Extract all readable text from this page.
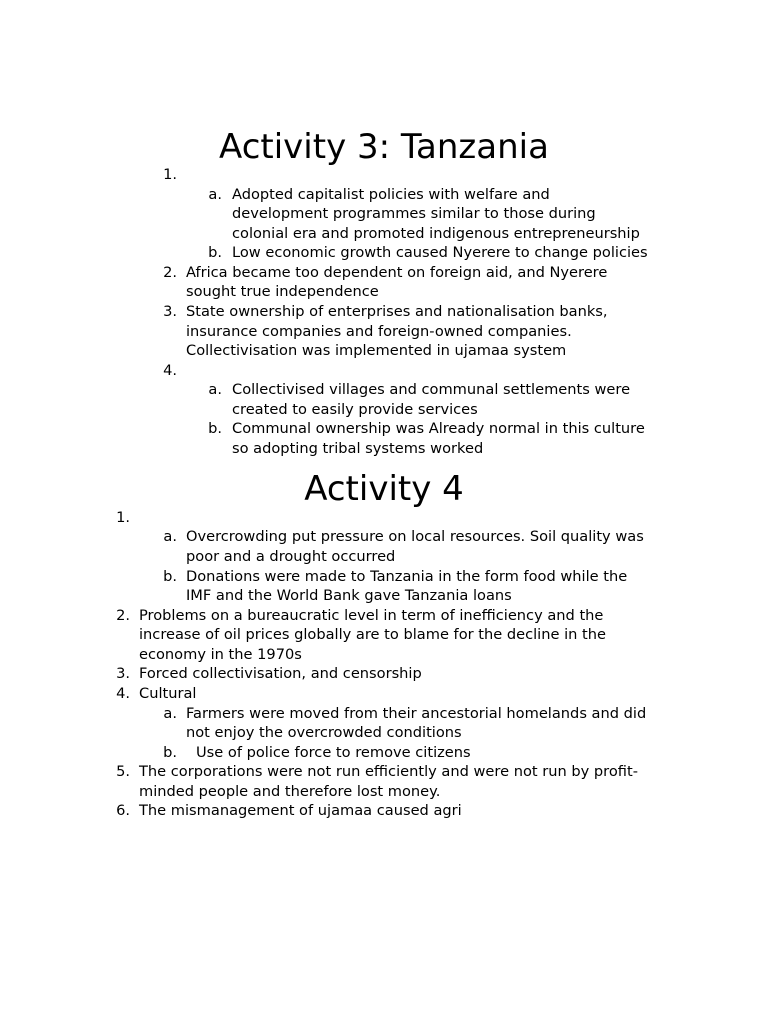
Activity 3: Tanzania
1.
a. Adopted capitalist policies with welfare and
development programmes similar to those during
colonial era and promoted indigenous entrepreneurship
b. Low economic growth caused Nyerere to change policies
2. Africa became too dependent on foreign aid, and Nyerere
sought true independence
3. State ownership of enterprises and nationalisation banks,
insurance companies and foreign-owned companies.
Collectivisation was implemented in ujamaa system
4.
a. Collectivised villages and communal settlements were
created to easily provide services
b. Communal ownership was Already normal in this culture
so adopting tribal systems worked
Activity 4
1.
a. Overcrowding put pressure on local resources. Soil quality was
poor and a drought occurred
b. Donations were made to Tanzania in the form food while the
IMF and the World Bank gave Tanzania loans
2. Problems on a bureaucratic level in term of inefficiency and the
increase of oil prices globally are to blame for the decline in the
economy in the 1970s
3. Forced collectivisation, and censorship
4. Cultural
a. Farmers were moved from their ancestorial homelands and did
not enjoy the overcrowded conditions
b. Use of police force to remove citizens
5. The corporations were not run efficiently and were not run by profit-
minded people and therefore lost money.
6. The mismanagement of ujamaa caused agri
